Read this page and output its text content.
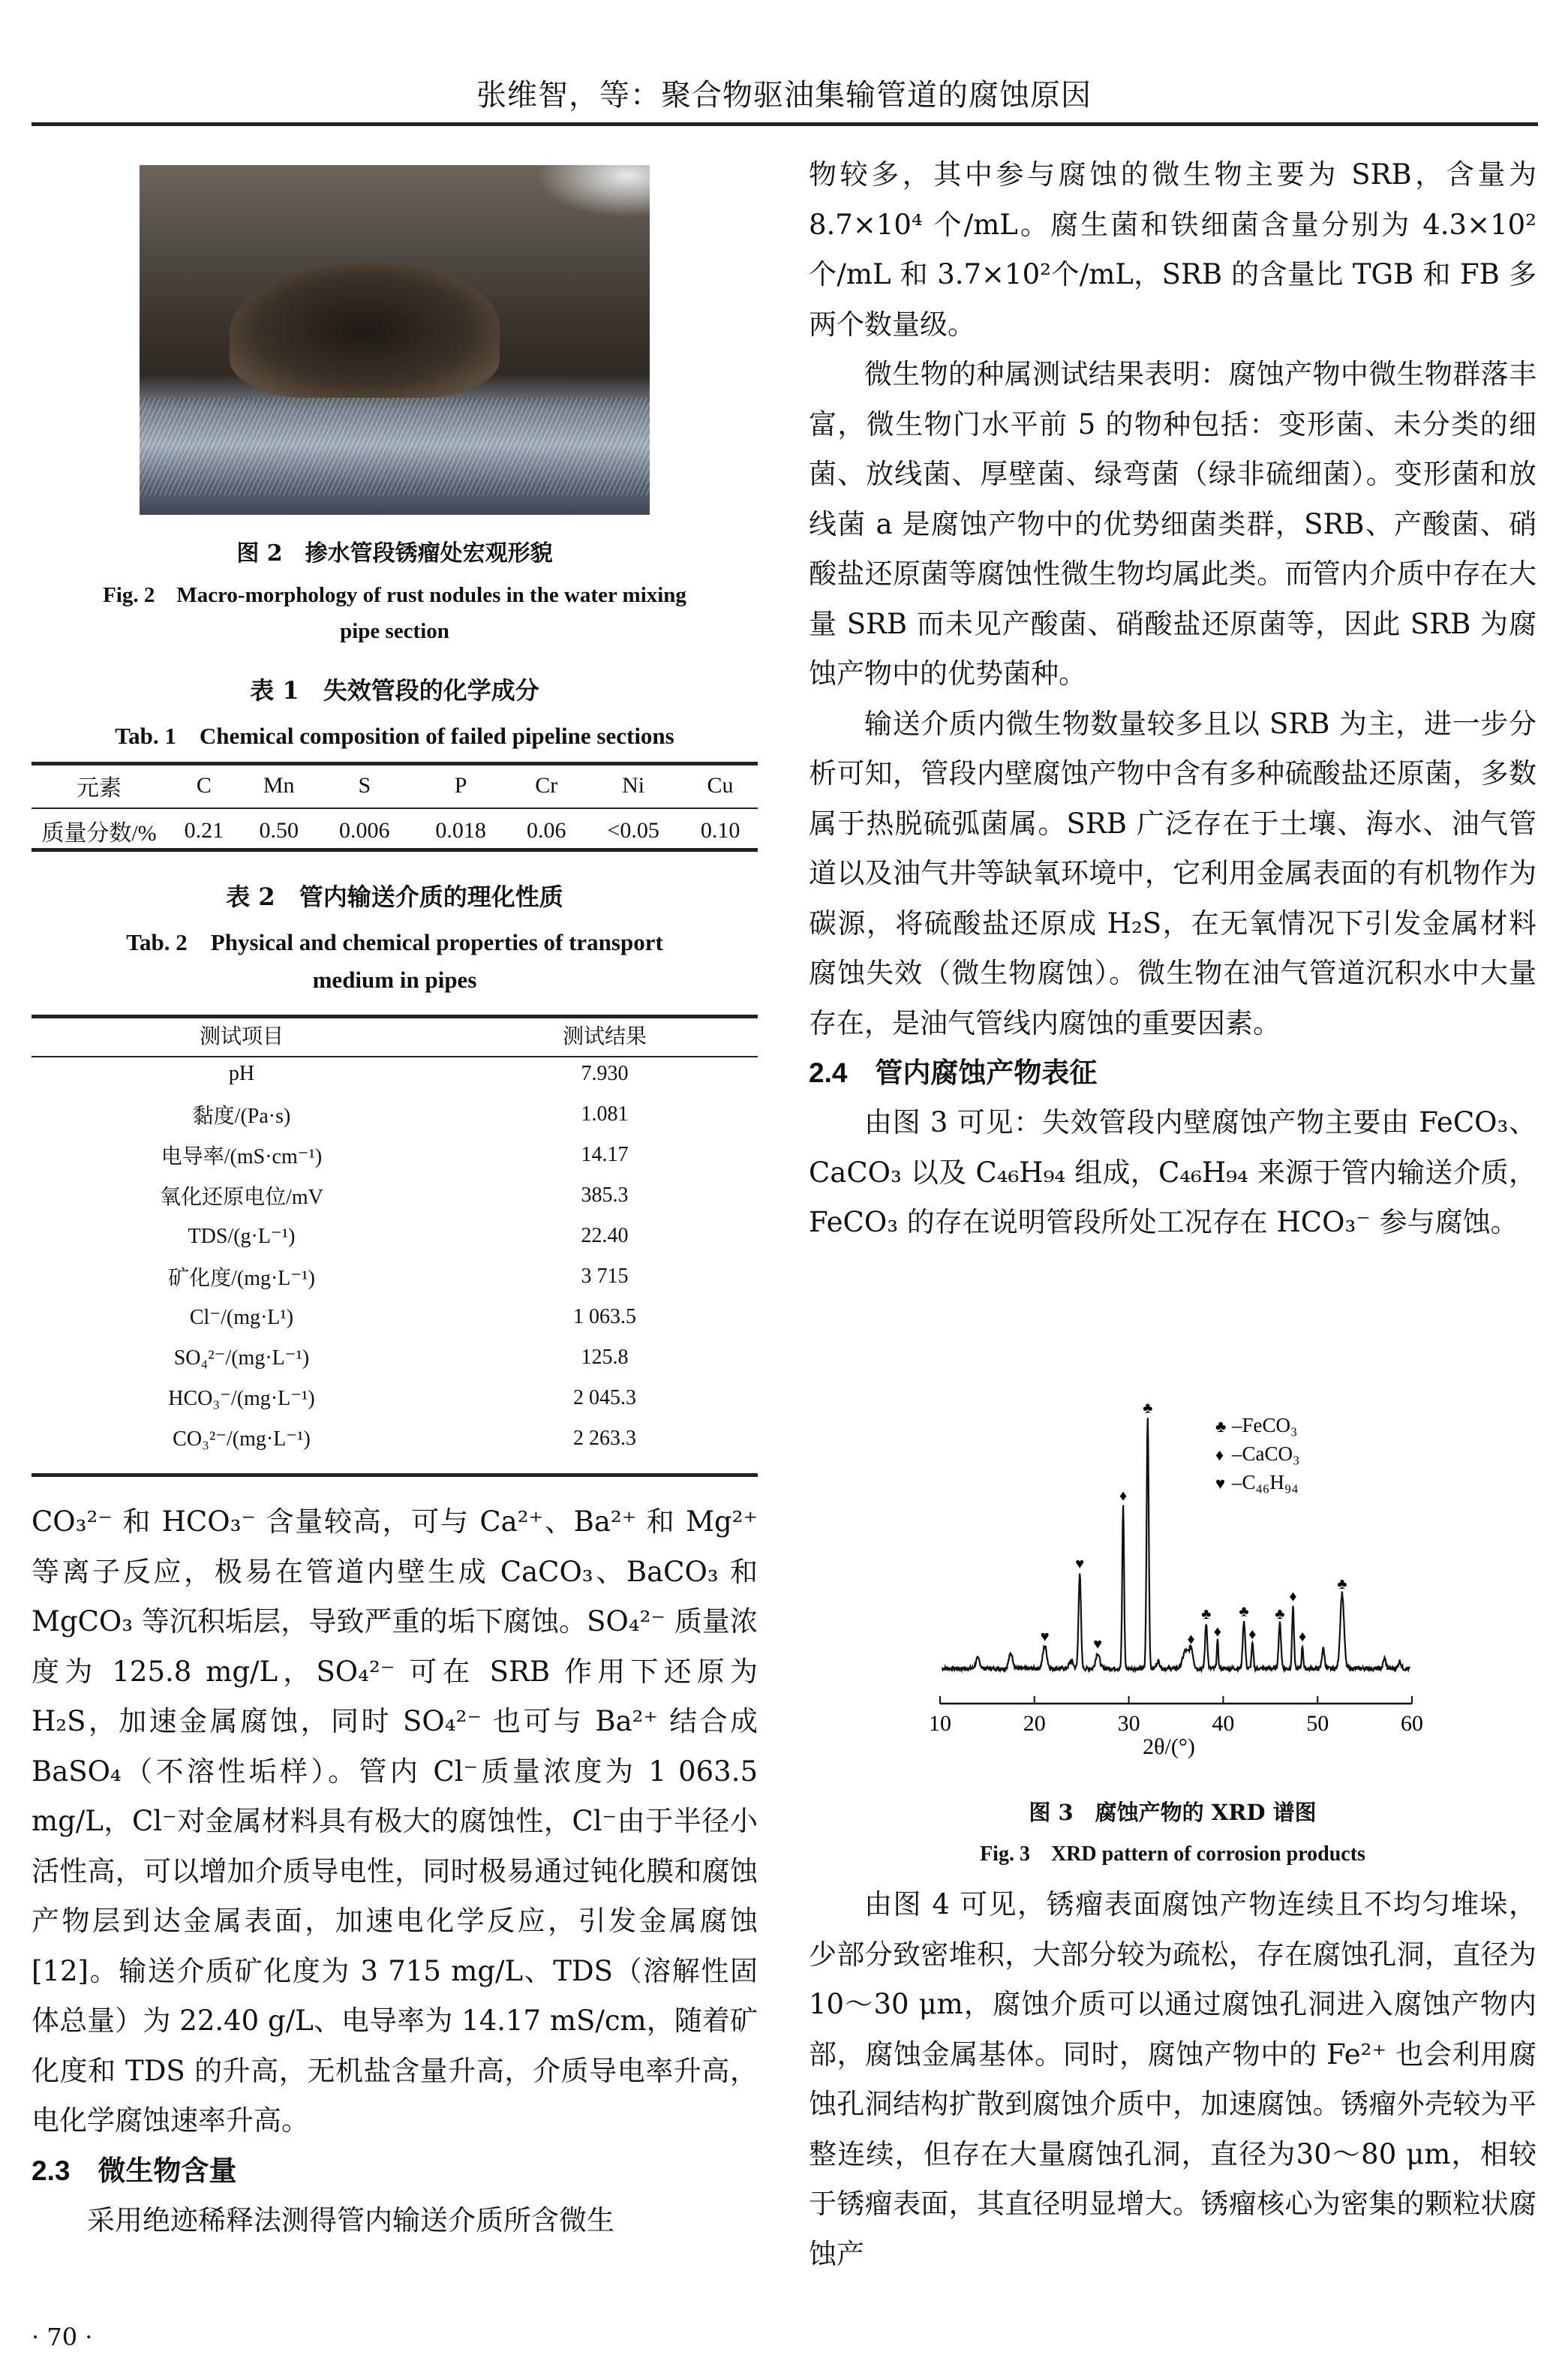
张维智，等：聚合物驱油集输管道的腐蚀原因
图 2　掺水管段锈瘤处宏观形貌
Fig. 2　Macro-morphology of rust nodules in the water mixing
pipe section
表 1　失效管段的化学成分
Tab. 1　Chemical composition of failed pipeline sections
元素	C	Mn	S	P	Cr	Ni	Cu
质量分数/%	0.21	0.50	0.006	0.018	0.06	<0.05	0.10
表 2　管内输送介质的理化性质
Tab. 2　Physical and chemical properties of transport
medium in pipes
测试项目	测试结果
pH	7.930
黏度/(Pa·s)	1.081
电导率/(mS·cm⁻¹)	14.17
氧化还原电位/mV	385.3
TDS/(g·L⁻¹)	22.40
矿化度/(mg·L⁻¹)	3 715
Cl⁻/(mg·L¹)	1 063.5
SO₄²⁻/(mg·L⁻¹)	125.8
HCO₃⁻/(mg·L⁻¹)	2 045.3
CO₃²⁻/(mg·L⁻¹)	2 263.3

CO₃²⁻ 和 HCO₃⁻ 含量较高，可与 Ca²⁺、Ba²⁺ 和 Mg²⁺等离子反应，极易在管道内壁生成 CaCO₃、BaCO₃ 和 MgCO₃ 等沉积垢层，导致严重的垢下腐蚀。SO₄²⁻ 质量浓度为 125.8 mg/L，SO₄²⁻ 可在 SRB 作用下还原为 H₂S，加速金属腐蚀，同时 SO₄²⁻ 也可与 Ba²⁺ 结合成 BaSO₄（不溶性垢样）。管内 Cl⁻质量浓度为 1 063.5 mg/L，Cl⁻对金属材料具有极大的腐蚀性，Cl⁻由于半径小活性高，可以增加介质导电性，同时极易通过钝化膜和腐蚀产物层到达金属表面，加速电化学反应，引发金属腐蚀[12]。输送介质矿化度为 3 715 mg/L、TDS（溶解性固体总量）为 22.40 g/L、电导率为 14.17 mS/cm，随着矿化度和 TDS 的升高，无机盐含量升高，介质导电率升高，电化学腐蚀速率升高。

2.3　微生物含量

采用绝迹稀释法测得管内输送介质所含微生

· 70 ·

物较多，其中参与腐蚀的微生物主要为 SRB，含量为 8.7×10⁴ 个/mL。腐生菌和铁细菌含量分别为 4.3×10²个/mL 和 3.7×10²个/mL，SRB 的含量比 TGB 和 FB 多两个数量级。

微生物的种属测试结果表明：腐蚀产物中微生物群落丰富，微生物门水平前 5 的物种包括：变形菌、未分类的细菌、放线菌、厚壁菌、绿弯菌（绿非硫细菌）。变形菌和放线菌 a 是腐蚀产物中的优势细菌类群，SRB、产酸菌、硝酸盐还原菌等腐蚀性微生物均属此类。而管内介质中存在大量 SRB 而未见产酸菌、硝酸盐还原菌等，因此 SRB 为腐蚀产物中的优势菌种。

输送介质内微生物数量较多且以 SRB 为主，进一步分析可知，管段内壁腐蚀产物中含有多种硫酸盐还原菌，多数属于热脱硫弧菌属。SRB 广泛存在于土壤、海水、油气管道以及油气井等缺氧环境中，它利用金属表面的有机物作为碳源，将硫酸盐还原成 H₂S，在无氧情况下引发金属材料腐蚀失效（微生物腐蚀）。微生物在油气管道沉积水中大量存在，是油气管线内腐蚀的重要因素。

2.4　管内腐蚀产物表征

由图 3 可见：失效管段内壁腐蚀产物主要由 FeCO₃、CaCO₃ 以及 C₄₆H₉₄ 组成，C₄₆H₉₄ 来源于管内输送介质，FeCO₃ 的存在说明管段所处工况存在 HCO₃⁻ 参与腐蚀。

♥
♥
♥
♦
♣
♦
♣
♦
♣
♦
♣
♦
♦
♣
10	20	30	40	50	60
♣ –FeCO₃
♦ –CaCO₃
♥ –C₄₆H₉₄
2θ/(°)
图 3　腐蚀产物的 XRD 谱图
Fig. 3　XRD pattern of corrosion products

由图 4 可见，锈瘤表面腐蚀产物连续且不均匀堆垛，少部分致密堆积，大部分较为疏松，存在腐蚀孔洞，直径为 10～30 μm，腐蚀介质可以通过腐蚀孔洞进入腐蚀产物内部，腐蚀金属基体。同时，腐蚀产物中的 Fe²⁺ 也会利用腐蚀孔洞结构扩散到腐蚀介质中，加速腐蚀。锈瘤外壳较为平整连续，但存在大量腐蚀孔洞，直径为30～80 μm，相较于锈瘤表面，其直径明显增大。锈瘤核心为密集的颗粒状腐蚀产
